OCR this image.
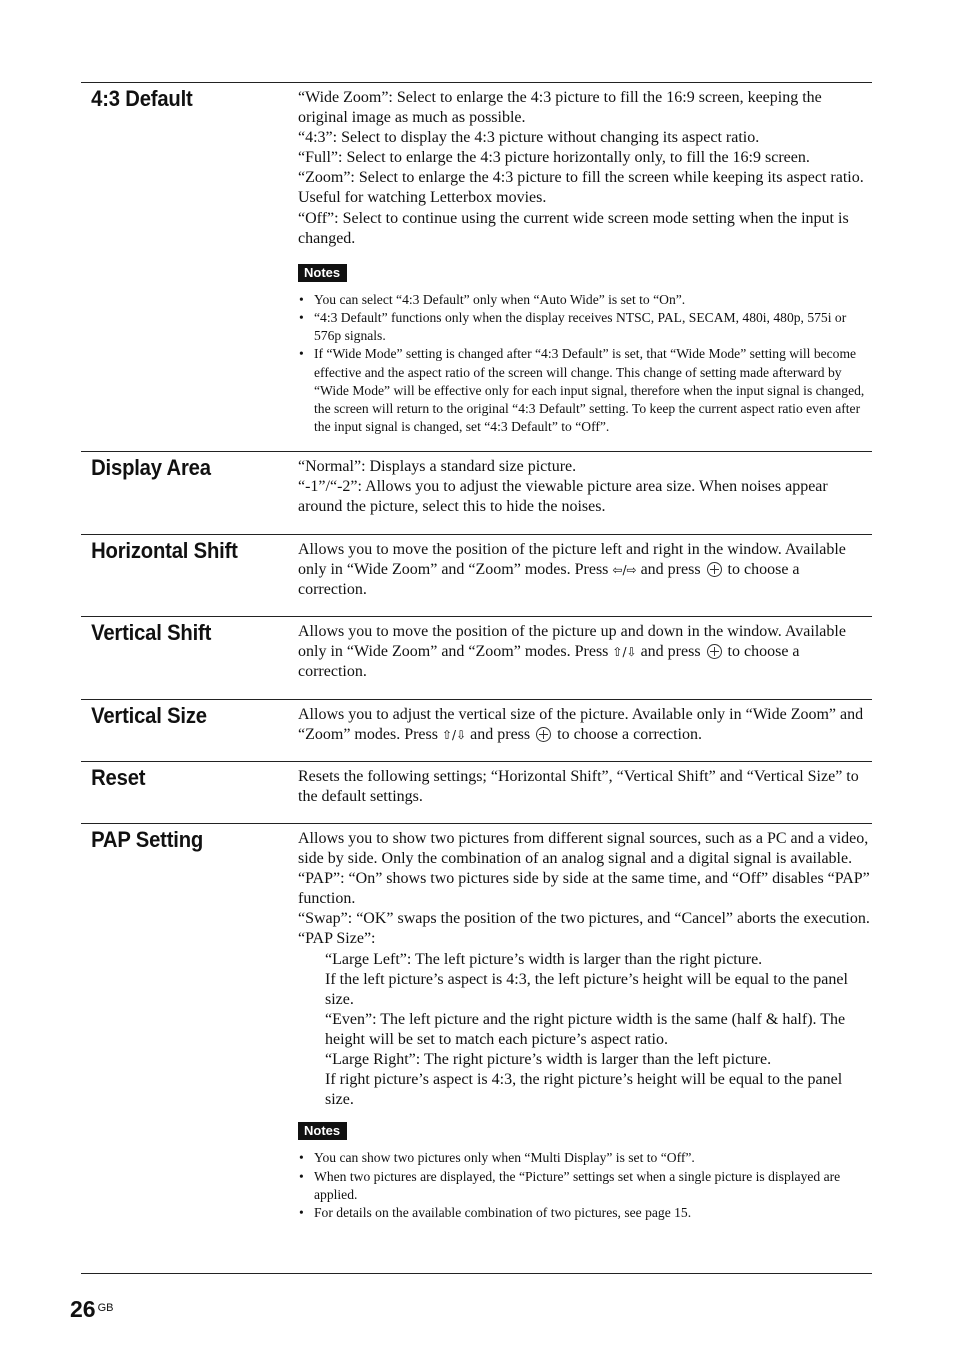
4:3 Default	“Wide Zoom”: Select to enlarge the 4:3 picture to fill the 16:9 screen, keeping the original image as much as possible.

“4:3”: Select to display the 4:3 picture without changing its aspect ratio.

“Full”: Select to enlarge the 4:3 picture horizontally only, to fill the 16:9 screen.

“Zoom”: Select to enlarge the 4:3 picture to fill the screen while keeping its aspect ratio. Useful for watching Letterbox movies.

“Off”: Select to continue using the current wide screen mode setting when the input is changed.

Notes
• You can select “4:3 Default” only when “Auto Wide” is set to “On”.
• “4:3 Default” functions only when the display receives NTSC, PAL, SECAM, 480i, 480p, 575i or 576p signals.
• If “Wide Mode” setting is changed after “4:3 Default” is set, that “Wide Mode” setting will become effective and the aspect ratio of the screen will change. This change of setting made afterward by “Wide Mode” will be effective only for each input signal, therefore when the input signal is changed, the screen will return to the original “4:3 Default” setting. To keep the current aspect ratio even after the input signal is changed, set “4:3 Default” to “Off”.
Display Area	“Normal”: Displays a standard size picture.

“-1”/“-2”: Allows you to adjust the viewable picture area size. When noises appear around the picture, select this to hide the noises.

Horizontal Shift	Allows you to move the position of the picture left and right in the window. Available only in “Wide Zoom” and “Zoom” modes. Press ⇦/⇨ and press  to choose a correction.

Vertical Shift	Allows you to move the position of the picture up and down in the window. Available only in “Wide Zoom” and “Zoom” modes. Press ⇧/⇩ and press  to choose a correction.

Vertical Size	Allows you to adjust the vertical size of the picture. Available only in “Wide Zoom” and “Zoom” modes. Press ⇧/⇩ and press  to choose a correction.

Reset	Resets the following settings; “Horizontal Shift”, “Vertical Shift” and “Vertical Size” to the default settings.

PAP Setting	Allows you to show two pictures from different signal sources, such as a PC and a video, side by side. Only the combination of an analog signal and a digital signal is available.

“PAP”: “On” shows two pictures side by side at the same time, and “Off” disables “PAP” function.

“Swap”: “OK” swaps the position of the two pictures, and “Cancel” aborts the execution.

“PAP Size”:

“Large Left”: The left picture’s width is larger than the right picture.

If the left picture’s aspect is 4:3, the left picture’s height will be equal to the panel size.

“Even”: The left picture and the right picture width is the same (half & half). The height will be set to match each picture’s aspect ratio.

“Large Right”: The right picture’s width is larger than the left picture.

If right picture’s aspect is 4:3, the right picture’s height will be equal to the panel size.

Notes
• You can show two pictures only when “Multi Display” is set to “Off”.
• When two pictures are displayed, the “Picture” settings set when a single picture is displayed are applied.
• For details on the available combination of two pictures, see page 15.
26 $^{GB}$
